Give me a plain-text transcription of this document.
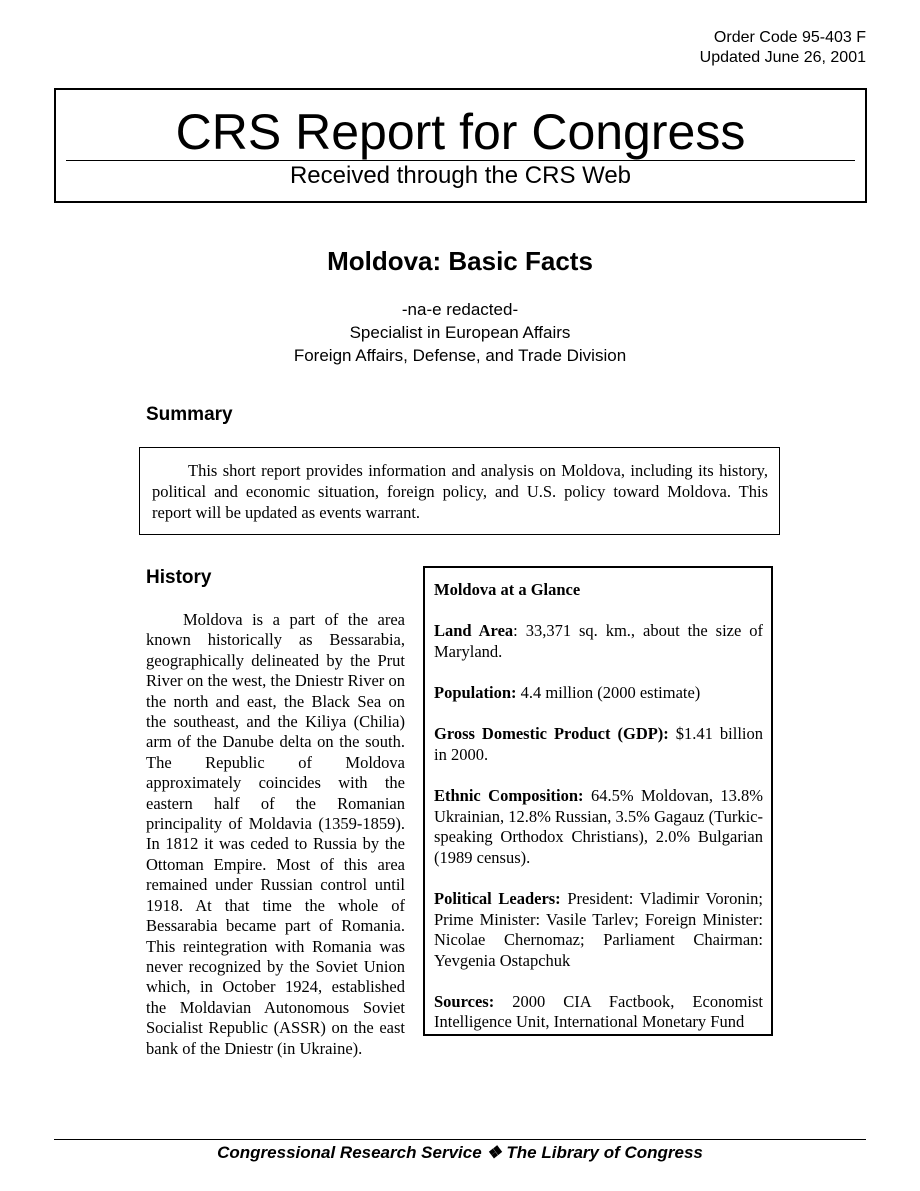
Order Code 95-403 F
Updated June 26, 2001
CRS Report for Congress
Received through the CRS Web
Moldova: Basic Facts
-na-e redacted-
Specialist in European Affairs
Foreign Affairs, Defense, and Trade Division
Summary

This short report provides information and analysis on Moldova, including its history, political and economic situation, foreign policy, and U.S. policy toward Moldova. This report will be updated as events warrant.

History

Moldova is a part of the area known historically as Bessarabia, geographically delineated by the Prut River on the west, the Dniestr River on the north and east, the Black Sea on the southeast, and the Kiliya (Chilia) arm of the Danube delta on the south. The Republic of Moldova approximately coincides with the eastern half of the Romanian principality of Moldavia (1359-1859). In 1812 it was ceded to Russia by the Ottoman Empire. Most of this area remained under Russian control until 1918. At that time the whole of Bessarabia became part of Romania. This reintegration with Romania was never recognized by the Soviet Union which, in October 1924, established the Moldavian Autonomous Soviet Socialist Republic (ASSR) on the east bank of the Dniestr (in Ukraine).

Moldova at a Glance
Land Area: 33,371 sq. km., about the size of Maryland.
Population: 4.4 million (2000 estimate)
Gross Domestic Product (GDP): $1.41 billion in 2000.
Ethnic Composition: 64.5% Moldovan, 13.8% Ukrainian, 12.8% Russian, 3.5% Gagauz (Turkic-speaking Orthodox Christians), 2.0% Bulgarian (1989 census).
Political Leaders: President: Vladimir Voronin; Prime Minister: Vasile Tarlev; Foreign Minister: Nicolae Chernomaz; Parliament Chairman: Yevgenia Ostapchuk
Sources: 2000 CIA Factbook, Economist Intelligence Unit, International Monetary Fund
Congressional Research Service ❖ The Library of Congress
